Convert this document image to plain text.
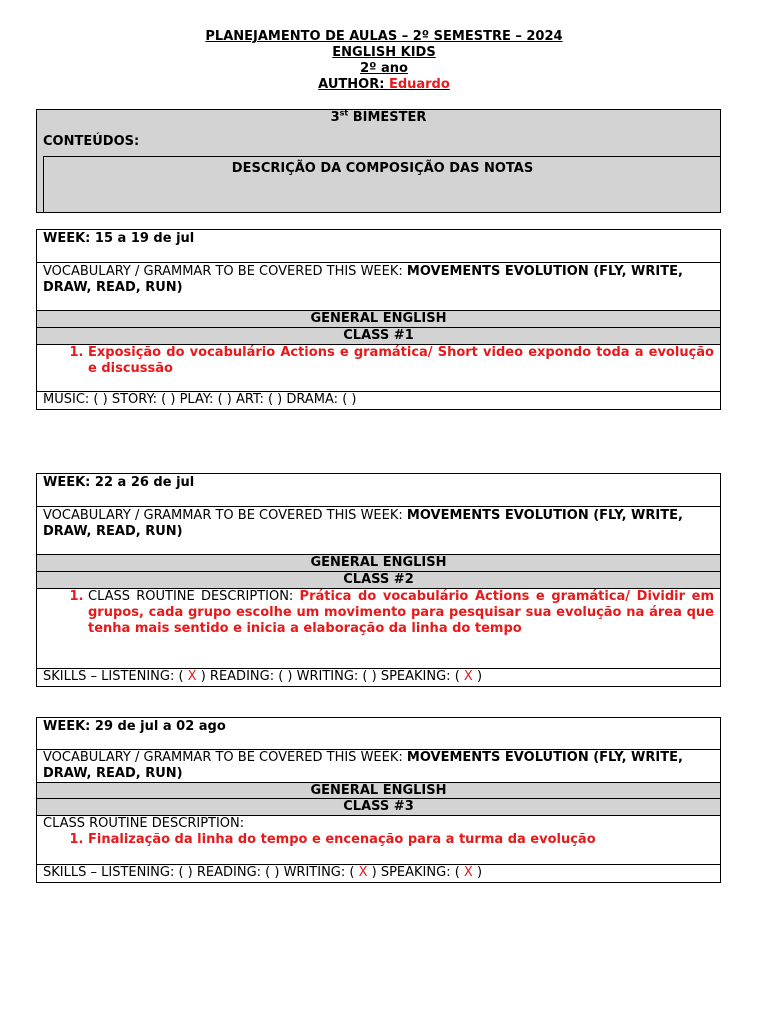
PLANEJAMENTO DE AULAS – 2º SEMESTRE – 2024
ENGLISH KIDS
2º ano
AUTHOR: Eduardo
3st BIMESTER
CONTEÚDOS:
DESCRIÇÃO DA COMPOSIÇÃO DAS NOTAS
WEEK: 15 a 19 de jul
VOCABULARY / GRAMMAR TO BE COVERED THIS WEEK: MOVEMENTS EVOLUTION (FLY, WRITE, DRAW, READ, RUN)
GENERAL ENGLISH
CLASS #1
1. Exposição do vocabulário Actions e gramática/ Short video expondo toda a evolução e discussão
MUSIC: ( ) STORY: ( ) PLAY: ( ) ART: ( ) DRAMA: ( )
WEEK: 22 a 26 de jul
VOCABULARY / GRAMMAR TO BE COVERED THIS WEEK: MOVEMENTS EVOLUTION (FLY, WRITE, DRAW, READ, RUN)
GENERAL ENGLISH
CLASS #2
1. CLASS ROUTINE DESCRIPTION: Prática do vocabulário Actions e gramática/ Dividir em grupos, cada grupo escolhe um movimento para pesquisar sua evolução na área que tenha mais sentido e inicia a elaboração da linha do tempo
SKILLS – LISTENING: ( X ) READING: ( ) WRITING: ( ) SPEAKING: ( X )
WEEK: 29 de jul a 02 ago
VOCABULARY / GRAMMAR TO BE COVERED THIS WEEK: MOVEMENTS EVOLUTION (FLY, WRITE, DRAW, READ, RUN)
GENERAL ENGLISH
CLASS #3
CLASS ROUTINE DESCRIPTION:
1. Finalização da linha do tempo e encenação para a turma da evolução
SKILLS – LISTENING: ( ) READING: ( ) WRITING: ( X ) SPEAKING: ( X )
